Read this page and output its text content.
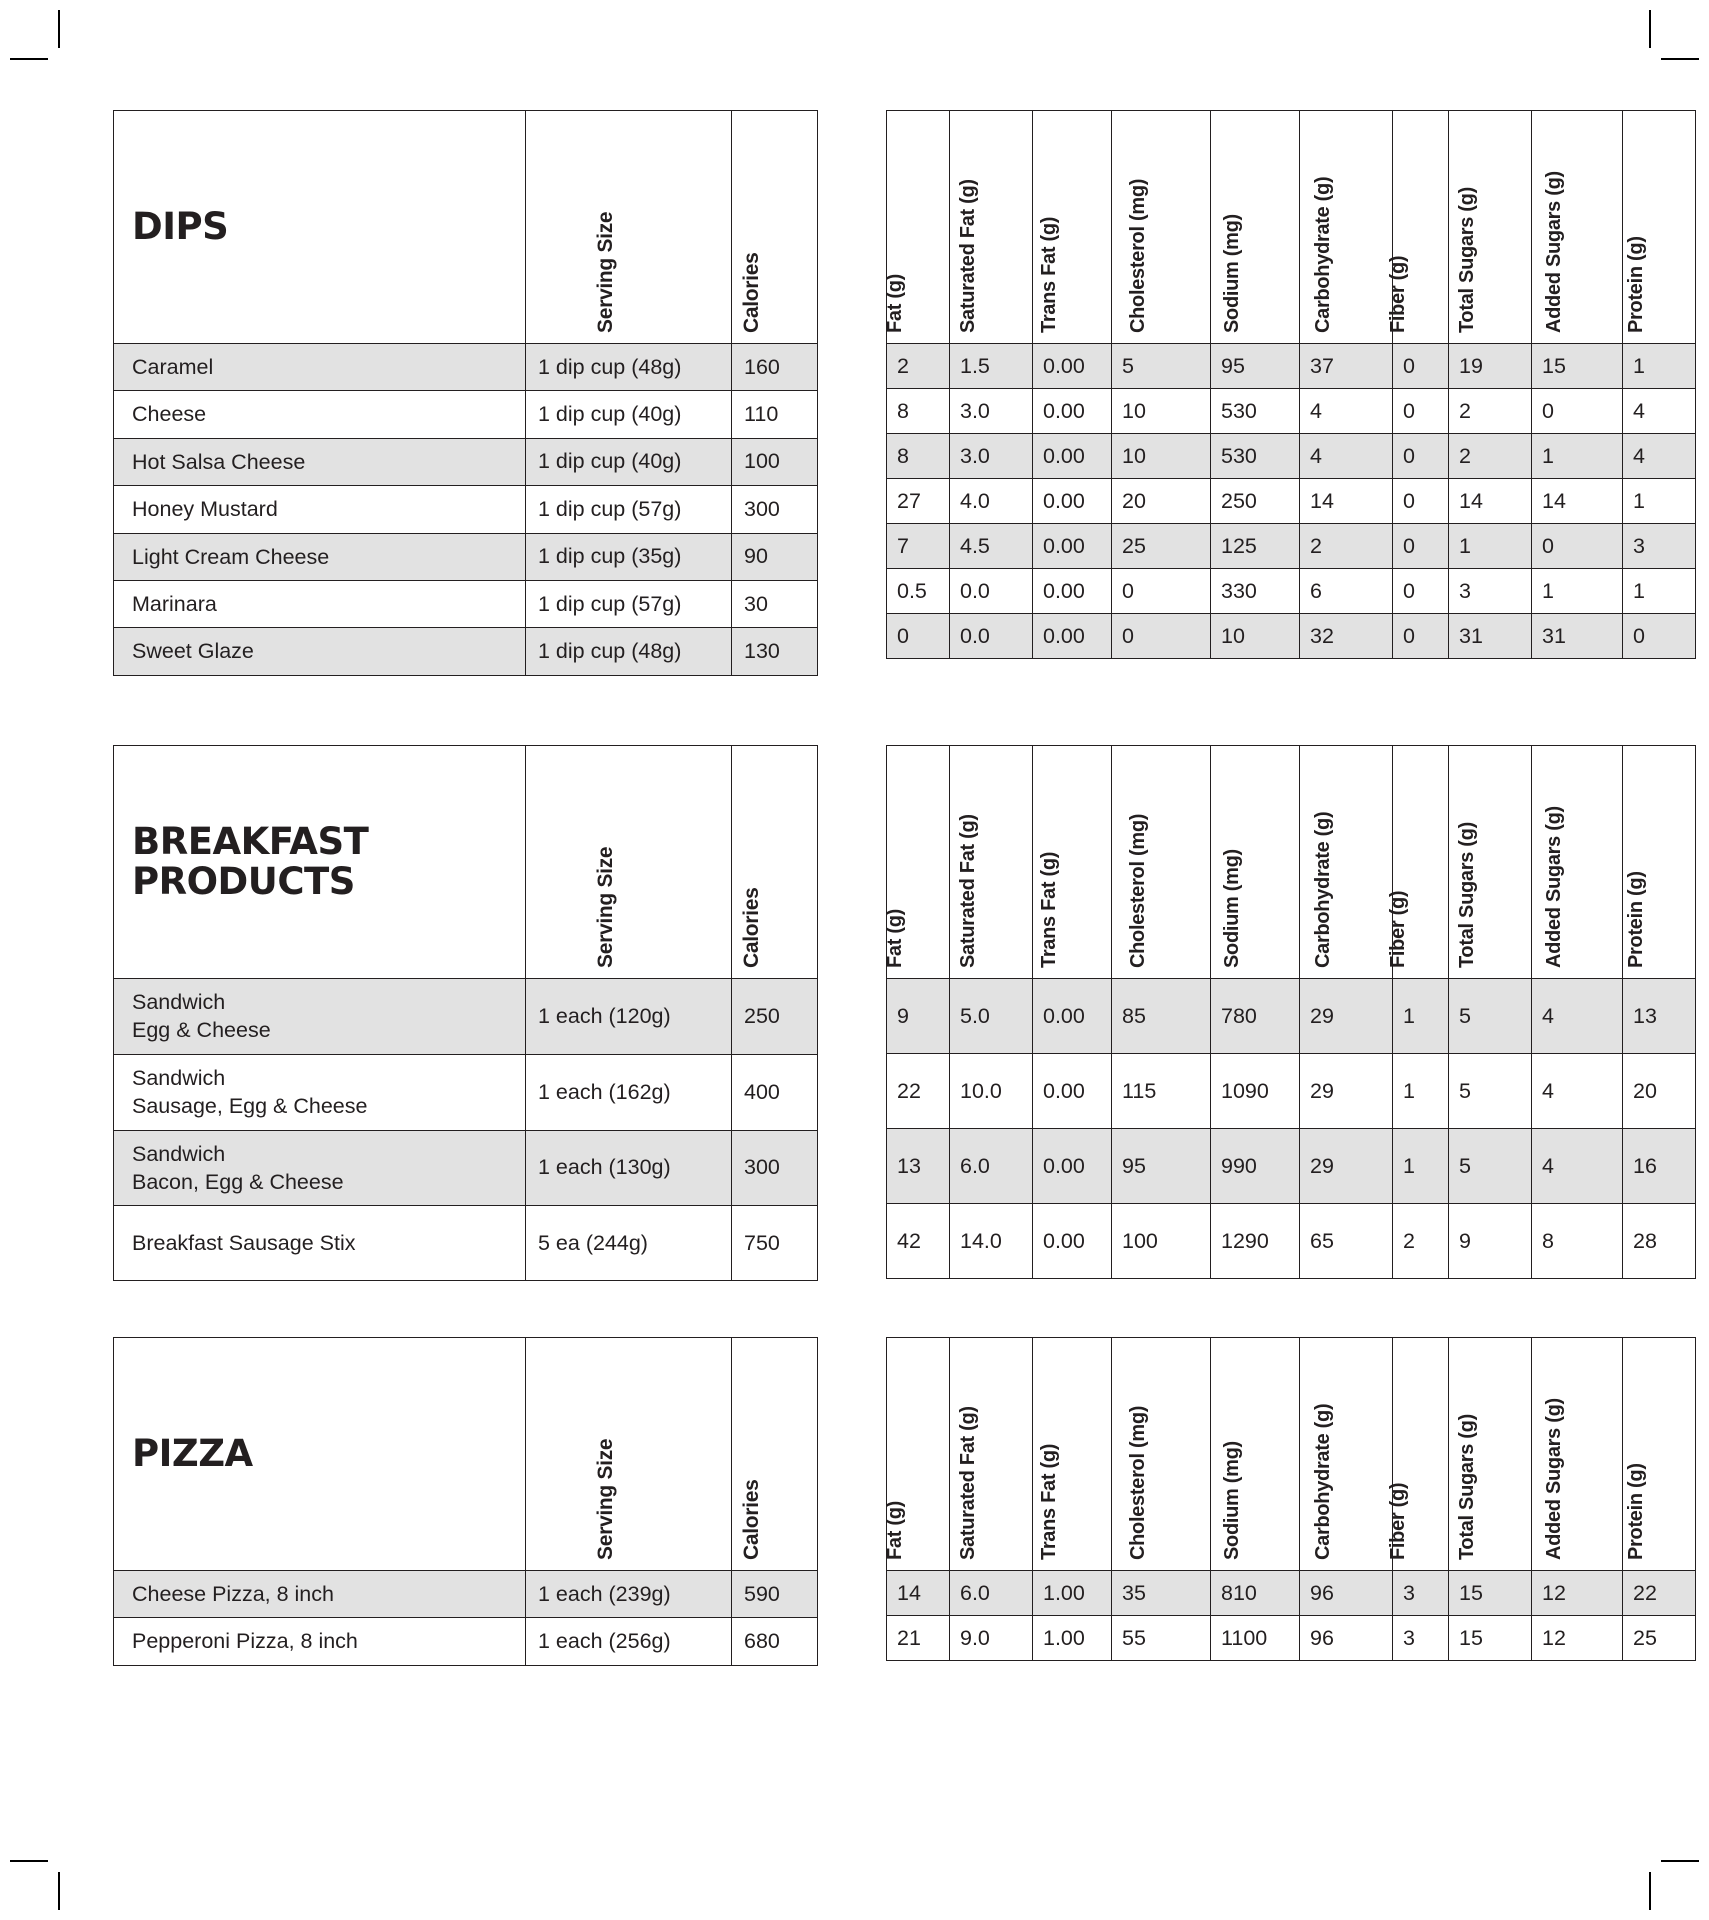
DIPS	Serving Size	Calories

Caramel	1 dip cup (48g)	160
Cheese	1 dip cup (40g)	110
Hot Salsa Cheese	1 dip cup (40g)	100
Honey Mustard	1 dip cup (57g)	300
Light Cream Cheese	1 dip cup (35g)	90
Marinara	1 dip cup (57g)	30
Sweet Glaze	1 dip cup (48g)	130
Fat (g)	Saturated Fat (g)	Trans Fat (g)	Cholesterol (mg)	Sodium (mg)	Carbohydrate (g)	Fiber (g)	Total Sugars (g)	Added Sugars (g)	Protein (g)

2	1.5	0.00	5	95	37	0	19	15	1
8	3.0	0.00	10	530	4	0	2	0	4
8	3.0	0.00	10	530	4	0	2	1	4
27	4.0	0.00	20	250	14	0	14	14	1
7	4.5	0.00	25	125	2	0	1	0	3
0.5	0.0	0.00	0	330	6	0	3	1	1
0	0.0	0.00	0	10	32	0	31	31	0
BREAKFAST
PRODUCTS	Serving Size	Calories

Sandwich
Egg & Cheese	1 each (120g)	250
Sandwich
Sausage, Egg & Cheese	1 each (162g)	400
Sandwich
Bacon, Egg & Cheese	1 each (130g)	300
Breakfast Sausage Stix	5 ea (244g)	750
Fat (g)	Saturated Fat (g)	Trans Fat (g)	Cholesterol (mg)	Sodium (mg)	Carbohydrate (g)	Fiber (g)	Total Sugars (g)	Added Sugars (g)	Protein (g)

9	5.0	0.00	85	780	29	1	5	4	13
22	10.0	0.00	115	1090	29	1	5	4	20
13	6.0	0.00	95	990	29	1	5	4	16
42	14.0	0.00	100	1290	65	2	9	8	28
PIZZA	Serving Size	Calories

Cheese Pizza, 8 inch	1 each (239g)	590
Pepperoni Pizza, 8 inch	1 each (256g)	680
Fat (g)	Saturated Fat (g)	Trans Fat (g)	Cholesterol (mg)	Sodium (mg)	Carbohydrate (g)	Fiber (g)	Total Sugars (g)	Added Sugars (g)	Protein (g)

14	6.0	1.00	35	810	96	3	15	12	22
21	9.0	1.00	55	1100	96	3	15	12	25
